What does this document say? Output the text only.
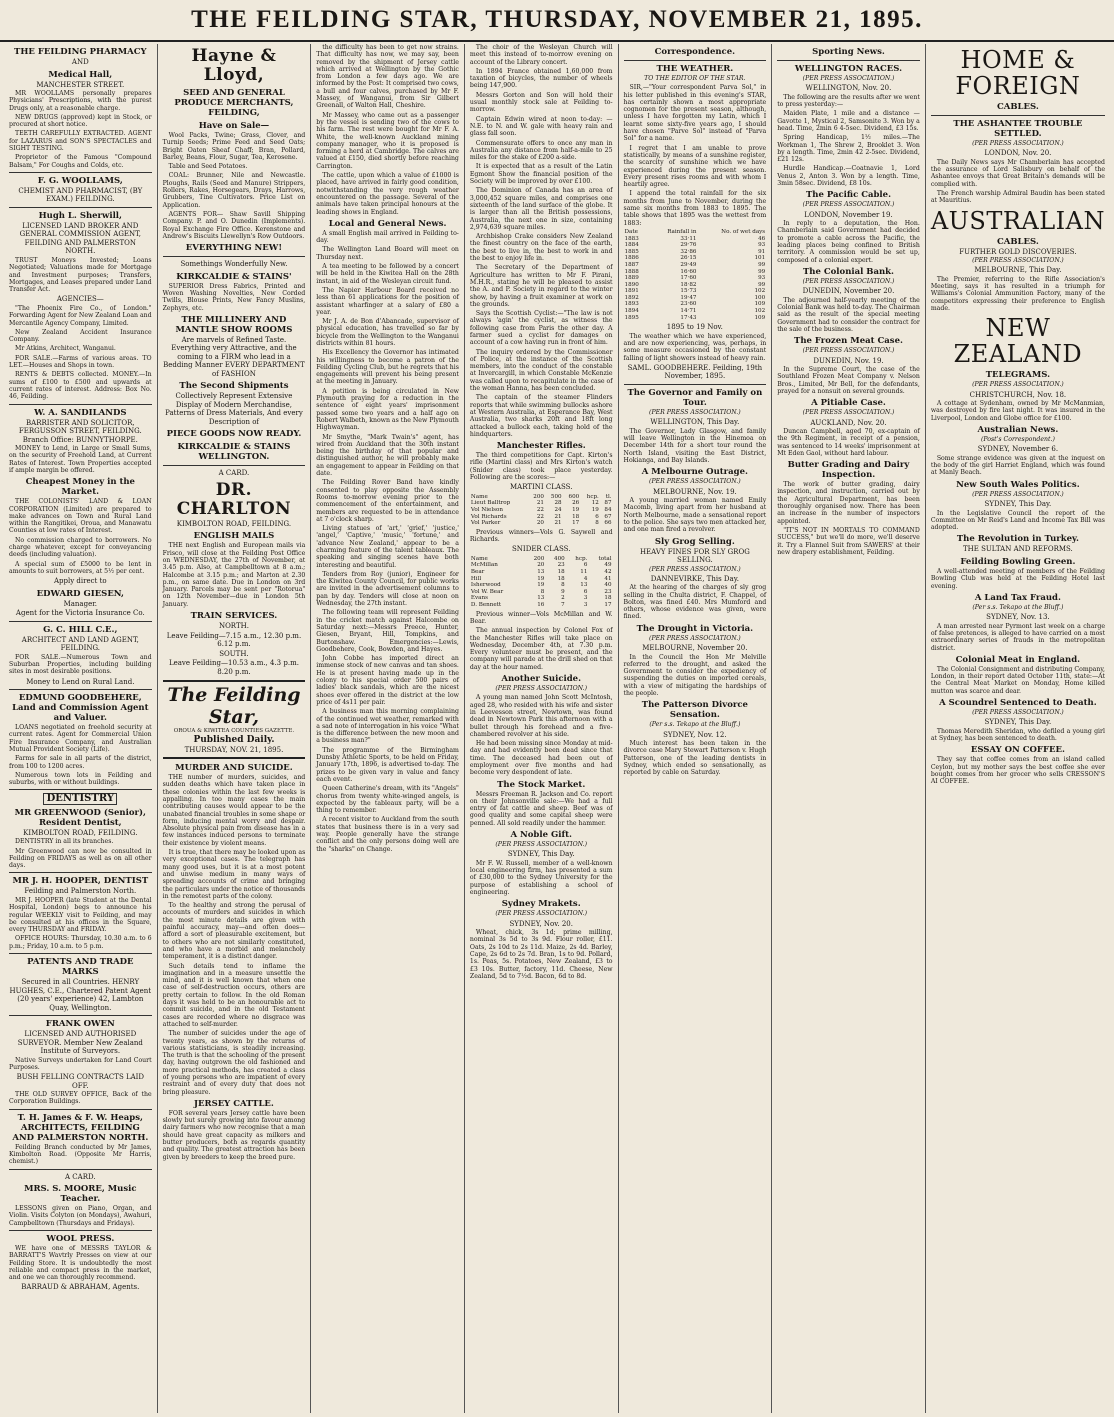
THE FEILDING STAR, THURSDAY, NOVEMBER 21, 1895.
THE FEILDING PHARMACY
AND
Medical Hall,
MANCHESTER STREET.

MR WOOLLAMS personally prepares Physicians' Prescriptions, with the purest Drugs only, at a reasonable charge.

NEW DRUGS (approved) kept in Stock, or procured at short notice.

TEETH CAREFULLY EXTRACTED. AGENT for LAZARUS and SON'S SPECTACLES and SIGHT TESTING.

Proprietor of the Famous "Compound Balsam," For Coughs and Colds, etc.

F. G. WOOLLAMS,
CHEMIST AND PHARMACIST, (BY EXAM.) FEILDING.
Hugh L. Sherwill,
LICENSED LAND BROKER AND GENERAL COMMISSION AGENT, FEILDING AND PALMERSTON NORTH.

TRUST Moneys Invested; Loans Negotiated; Valuations made for Mortgage and Investment purposes; Transfers, Mortgages, and Leases prepared under Land Transfer Act.

AGENCIES—

"The Phoenix Fire Co., of London." Forwarding Agent for New Zealand Loan and Mercantile Agency Company, Limited.

New Zealand Accident Insurance Company.

Mr Atkins, Architect, Wanganui.

FOR SALE.—Farms of various areas. TO LET.—Houses and Shops in town.

RENTS & DEBTS collected. MONEY.—In sums of £100 to £500 and upwards at current rates of interest. Address: Box No. 46, Feilding.

W. A. SANDILANDS
BARRISTER AND SOLICITOR, FERGUSSON STREET, FEILDING. Branch Office: BUNNYTHORPE.

MONEY to Lend, in Large or Small Sums, on the security of Freehold Land, at Current Rates of Interest. Town Properties accepted if ample margin be offered.

Cheapest Money in the Market.

THE COLONISTS' LAND & LOAN CORPORATION (Limited) are prepared to make advances on Town and Rural Land within the Rangitikei, Oroua, and Manawatu Counties at low rates of Interest.

No commission charged to borrowers. No charge whatever, except for conveyancing deeds (including valuation).

A special sum of £5000 to be lent in amounts to suit borrowers, at 5½ per cent.

Apply direct to
EDWARD GIESEN,
Manager.
Agent for the Victoria Insurance Co.
G. C. HILL C.E.,
ARCHITECT AND LAND AGENT, FEILDING.

FOR SALE.—Numerous Town and Suburban Properties, including building sites in most desirable positions.

Money to Lend on Rural Land.
EDMUND GOODBEHERE, Land and Commission Agent and Valuer.

LOANS negotiated on freehold security at current rates. Agent for Commercial Union Fire Insurance Company, and Australian Mutual Provident Society (Life).

Farms for sale in all parts of the district, from 100 to 1200 acres.

Numerous town lots in Feilding and suburbs, with or without buildings.

DENTISTRY
MR GREENWOOD (Senior), Resident Dentist,
KIMBOLTON ROAD, FEILDING.

DENTISTRY in all its branches.

Mr Greenwood can now be consulted in Feilding on FRIDAYS as well as on all other days.

MR J. H. HOOPER, DENTIST
Feilding and Palmerston North.

MR J. HOOPER (late Student at the Dental Hospital, London) begs to announce his regular WEEKLY visit to Feilding, and may be consulted at his offices in the Square, every THURSDAY and FRIDAY.

OFFICE HOURS: Thursday, 10.30 a.m. to 6 p.m.; Friday, 10 a.m. to 5 p.m.

PATENTS AND TRADE MARKS
Secured in all Countries. HENRY HUGHES, C.E., Chartered Patent Agent (20 years' experience) 42, Lambton Quay, Wellington.
FRANK OWEN
LICENSED AND AUTHORISED SURVEYOR. Member New Zealand Institute of Surveyors.

Native Surveys undertaken for Land Court Purposes.

BUSH FELLING CONTRACTS LAID OFF.

THE OLD SURVEY OFFICE, Back of the Corporation Buildings.

T. H. James & F. W. Heaps, ARCHITECTS, FEILDING AND PALMERSTON NORTH.

Feilding Branch conducted by Mr James, Kimbolton Road. (Opposite Mr Harris, chemist.)

A CARD.
MRS. S. MOORE, Music Teacher.

LESSONS given on Piano, Organ, and Violin. Visits Colyton (on Mondays), Awahuri, Campbelltown (Thursdays and Fridays).

WOOL PRESS.

WE have one of MESSRS TAYLOR & BARRATT'S Wavtrly Presses on view at our Feilding Store. It is undoubtedly the most reliable and compact press in the market, and one we can thoroughly recommend.

BARRAUD & ABRAHAM, Agents.
Hayne & Lloyd,
SEED AND GENERAL PRODUCE MERCHANTS, FEILDING,
Have on Sale—

Wool Packs, Twine; Grass, Clover, and Turnip Seeds; Prime Feed and Seed Oats; Bright Oaten Sheaf Chaff; Bran, Pollard, Barley, Beans, Flour, Sugar, Tea, Kerosene.

Table and Seed Potatoes.

COAL: Brunner, Nile and Newcastle. Ploughs, Rails (Seed and Manure) Strippers, Rollers, Rakes, Horsegears, Drays, Harrows, Grubbers, Tine Cultivators. Price List on Application.

AGENTS FOR— Shaw Savill Shipping Company. P. and O. Dunedin (Implements). Royal Exchange Fire Office. Kerenstone and Andrew's Biscuits Llewellyn's Row Outdoors.

EVERYTHING NEW!
Somethings Wonderfully New.
KIRKCALDIE & STAINS'

SUPERIOR Dress Fabrics, Printed and Woven Washing Novelties, New Corded Twills, Blouse Prints, New Fancy Muslins, Zephyrs, etc.

THE MILLINERY AND MANTLE SHOW ROOMS
Are marvels of Refined Taste. Everything very Attractive, and the coming to a FIRM who lead in a Bedding Manner EVERY DEPARTMENT of FASHION
The Second Shipments
Collectively Represent Extensive Display of Modern Merchandise, Patterns of Dress Materials, And every Description of
PIECE GOODS NOW READY.
KIRKCALDIE & STAINS WELLINGTON.
A CARD.
DR. CHARLTON
KIMBOLTON ROAD, FEILDING.
ENGLISH MAILS

THE next English and European mails via Frisco, will close at the Feilding Post Office on WEDNESDAY, the 27th of November, at 3.45 p.m. Also, at Campbelltown at 8 a.m.; Halcombe at 3.15 p.m.; and Marton at 2.30 p.m., on same date. Due in London on 3rd January. Parcels may be sent per "Rotorua" on 12th November—due in London 5th January.

TRAIN SERVICES.
NORTH.
Leave Feilding—7.15 a.m., 12.30 p.m. 6.12 p.m.
SOUTH.
Leave Feilding—10.53 a.m., 4.3 p.m. 8.20 p.m.
The Feilding Star,
OROUA & KIWITEA COUNTIES GAZETTE.
Published Daily.
THURSDAY, NOV. 21, 1895.
MURDER AND SUICIDE.

THE number of murders, suicides, and sudden deaths which have taken place in these colonies within the last few weeks is appalling. In too many cases the main contributing causes would appear to be the unabated financial troubles in some shape or form, inducing mental worry and despair. Absolute physical pain from disease has in a few instances induced persons to terminate their existence by violent means.

It is true, that there may be looked upon as very exceptional cases. The telegraph has many good uses, but it is at a most potent and unwise medium in many ways of spreading accounts of crime and bringing the particulars under the notice of thousands in the remotest parts of the colony.

To the healthy and strong the perusal of accounts of murders and suicides in which the most minute details are given with painful accuracy, may—and often does—afford a sort of pleasurable excitement, but to others who are not similarly constituted, and who have a morbid and melancholy temperament, it is a distinct danger.

Such details tend to inflame the imagination and in a measure unsettle the mind, and it is well known that when one case of self-destruction occurs, others are pretty certain to follow. In the old Roman days it was held to be an honourable act to commit suicide, and in the old Testament cases are recorded where no disgrace was attached to self-murder.

The number of suicides under the age of twenty years, as shown by the returns of various statisticians, is steadily increasing. The truth is that the schooling of the present day, having outgrown the old fashioned and more practical methods, has created a class of young persons who are impatient of every restraint and of every duty that does not bring pleasure.

JERSEY CATTLE.

FOR several years Jersey cattle have been slowly but surely growing into favour among dairy farmers who now recognise that a man should have great capacity as milkers and butter producers, both as regards quantity and quality. The greatest attraction has been given by breeders to keep the breed pure.

the difficulty has been to get now strains. That difficulty has now, we may say, been removed by the shipment of Jersey cattle which arrived at Wellington by the Gothic from London a few days ago. We are informed by the Post: It comprised two cows, a bull and four calves, purchased by Mr F. Massey, of Wanganui, from Sir Gilbert Greenall, of Walton Hall, Cheshire.

Mr Massey, who came out as a passenger by the vessel is sending two of the cows to his farm. The rest were bought for Mr F. A. White, the well-known Auckland mining company manager, who it is proposed is forming a herd at Cambridge. The calves are valued at £150, died shortly before reaching Carrington.

The cattle, upon which a value of £1000 is placed, have arrived in fairly good condition, notwithstanding the very rough weather encountered on the passage. Several of the animals have taken principal honours at the leading shows in England.

Local and General News.

A small English mail arrived in Feilding to-day.

The Wellington Land Board will meet on Thursday next.

A tea meeting to be followed by a concert will be held in the Kiwitea Hall on the 28th instant, in aid of the Wesleyan circuit fund.

The Napier Harbour Board received no less than 61 applications for the position of assistant wharfinger at a salary of £80 a year.

Mr J. A. de Bon d'Abancade, supervisor of physical education, has travelled so far by bicycle from the Wellington to the Wanganui districts within 81 hours.

His Excellency the Governor has intimated his willingness to become a patron of the Feilding Cycling Club, but he regrets that his engagements will prevent his being present at the meeting in January.

A petition is being circulated in New Plymouth praying for a reduction in the sentence of eight years' imprisonment passed some two years and a half ago on Robert Walbeth, known as the New Plymouth Highwayman.

Mr Smythe, "Mark Twain's" agent, has wired from Auckland that the 30th instant being the birthday of that popular and distinguished author, he will probably make an engagement to appear in Feilding on that date.

The Feilding Rover Band have kindly consented to play opposite the Assembly Rooms to-morrow evening prior to the commencement of the entertainment, and members are requested to be in attendance at 7 o'clock sharp.

Living statues of 'art,' 'grief,' 'justice,' 'angel,' 'Captive,' 'music,' 'fortune,' and 'advance New Zealand,' appear to be a charming feature of the talent tableaux. The speaking and singing scenes have both interesting and beautiful.

Tenders from Roy (junior), Engineer for the Kiwitea County Council, for public works are invited in the advertisement columns to pan by day. Tenders will close at noon on Wednesday, the 27th instant.

The following team will represent Feilding in the cricket match against Halcombe on Saturday next:—Messrs Preece, Hunter, Giesen, Bryant, Hill, Tompkins, and Burtonshaw. Emergencies:—Lewis, Goodbehere, Cook, Bowden, and Hayes.

John Cobbe has imported direct an immense stock of new canvas and tan shoes. He is at present having made up in the colony to his special order 500 pairs of ladies' black sandals, which are the nicest shoes ever offered in the district at the low price of 4s11 per pair.

A business man this morning complaining of the continued wet weather, remarked with a sad note of interrogation in his voice "What is the difference between the new moon and a business man?"

The programme of the Birmingham Dunsby Athletic Sports, to be held on Friday, January 17th, 1896, is advertised to-day. The prizes to be given vary in value and fancy each event.

Queen Catherine's dream, with its "Angels" chorus from twenty white-winged angels, is expected by the tableaux party, will be a thing to remember.

A recent visitor to Auckland from the south states that business there is in a very sad way. People generally have the strange conflict and the only persons doing well are the "sharks" on Change.

The choir of the Wesleyan Church will meet this instead of to-morrow evening on account of the Library concert.

In 1894 France obtained 1,60,000 from taxation of bicycles, the number of wheels being 147,900.

Messrs Gorton and Son will hold their usual monthly stock sale at Feilding to-morrow.

Captain Edwin wired at noon to-day: —N.E. to N. and W. gale with heavy rain and glass fall soon.

Commensurate offers to once any man in Australia any distance from half-a-mile to 25 miles for the stake of £200 a-side.

It is expected that as a result of the Latin Egmont Show the financial position of the Society will be improved by over £100.

The Dominion of Canada has an area of 3,000,452 square miles, and comprises one sixteenth of the land surface of the globe. It is larger than all the British possessions, Australia, the next one in size, containing 2,974,639 square miles.

Archbishop Crake considers New Zealand the finest country on the face of the earth, the best to live in, the best to work in and the best to enjoy life in.

The Secretary of the Department of Agriculture has written to Mr F. Pirani, M.H.R., stating he will be pleased to assist the A. and P. Society in regard to the winter show, by having a fruit examiner at work on the grounds.

Says the Scottish Cyclist:—"The law is not always 'agin' the cyclist, as witness the following case from Paris the other day. A farmer sued a cyclist for damages on account of a cow having run in front of him.

The inquiry ordered by the Commissioner of Police, at the instance of the Scottish members, into the conduct of the constable at Invercargill, in which Constable McKenzie was called upon to recapitulate in the case of the woman Hanna, has been concluded.

The captain of the steamer Flinders reports that while swimming bullocks ashore at Western Australia, at Esperance Bay, West Australia, two sharks 20ft and 18ft long attacked a bullock each, taking hold of the hindquarters.

Manchester Rifles.

The third competitions for Capt. Kirton's rifle (Martini class) and Mrs Kirton's watch (Snider class) took place yesterday. Following are the scores:—

MARTINI CLASS.
Name	200	500	600	hcp.	tl.
Lieut Balltrop	21	28	26	12	87
Vol Nielson	22	24	19	19	84
Vol Richards	22	21	18	6	67
Vol Parker	20	21	17	8	66

Previous winners—Vols G. Saywell and Richards.

SNIDER CLASS.
Name	200	400	hcp.	total
McMillan	20	23	6	49
Bear	13	18	11	42
Hill	19	18	4	41
Isherwood	19	8	13	40
Vol W. Bear	8	9	6	23
Evans	13	2	3	18
D. Bennett	16	7	3	17

Previous winner—Vols McMillan and W. Bear.

The annual inspection by Colonel Fox of the Manchester Rifles will take place on Wednesday, December 4th, at 7.30 p.m. Every volunteer must be present, and the company will parade at the drill shed on that day at the hour named.

Another Suicide.
(PER PRESS ASSOCIATION.)

A young man named John Scott McIntosh, aged 28, who resided with his wife and sister in Leevesson street, Newtown, was found dead in Newtown Park this afternoon with a bullet through his forehead and a five-chambered revolver at his side.

He had been missing since Monday at mid-day and had evidently been dead since that time. The deceased had been out of employment over five months and had become very despondent of late.

The Stock Market.

Messrs Freeman R. Jackson and Co. report on their Johnsonville sale:—We had a full entry of fat cattle and sheep. Beef was of good quality and some capital sheep were penned. All sold readily under the hammer.

A Noble Gift.
(PER PRESS ASSOCIATION.)
SYDNEY, This Day.

Mr F. W. Russell, member of a well-known local engineering firm, has presented a sum of £30,000 to the Sydney University for the purpose of establishing a school of engineering.

Sydney Mrakets.
(PER PRESS ASSOCIATION.)
SYDNEY, Nov. 20.

Wheat, chick, 3s 1d; prime milling, nominal 3s 5d to 3s 9d. Flour roller, £11. Oats, 2s 10d to 2s 11d. Maize, 2s 4d. Barley, Cape, 2s 6d to 2s 7d. Bran, 1s to 9d. Pollard, 1s. Peas, 5s. Potatoes, New Zealand, £3 to £3 10s. Butter, factory, 11d. Cheese, New Zealand, 5d to 7½d. Bacon, 6d to 8d.

Correspondence.
THE WEATHER.
TO THE EDITOR OF THE STAR.

SIR,—"Your correspondent Parva Sol," in his letter published in this evening's STAR, has certainly shown a most appropriate cognomen for the present season, although, unless I have forgotten my Latin, which I learnt some sixty-five years ago, I should have chosen "Parve Sol" instead of "Parva Sol" for a name.

I regret that I am unable to prove statistically, by means of a sunshine register, the scarcity of sunshine which we have experienced during the present season. Every present rises rooms and with whom I heartily agree.

I append the total rainfall for the six months from June to November, during the same six months from 1883 to 1895. The table shows that 1895 was the wettest from 1883:

Date		Rainfall in	No. of wet days
1883		33·11	46
1884		29·76	93
1885		32·86	91
1886		26·15	101
1887		29·49	99
1888		16·60	99
1889		17·60	93
1890		18·82	99
1891		15·73	102
1892		19·47	100
1893		23·60	109
1894		14·71	102
1895		17·43	109
1895 to 19 Nov.

The weather which we have experienced, and are now experiencing, was, perhaps, in some measure occasioned by the constant falling of light showers instead of heavy rain.

SAML. GOODBEHERE. Feilding, 19th November, 1895.
The Governor and Family on Tour.
(PER PRESS ASSOCIATION.)
WELLINGTON, This Day.

The Governor, Lady Glasgow, and family will leave Wellington in the Hinemoa on December 14th for a short tour round the North Island, visiting the East District, Hokianga, and Bay Islands.

A Melbourne Outrage.
(PER PRESS ASSOCIATION.)
MELBOURNE, Nov. 19.

A young married woman named Emily Macomb, living apart from her husband at North Melbourne, made a sensational report to the police. She says two men attacked her, and one man fired a revolver.

Sly Grog Selling.
HEAVY FINES FOR SLY GROG SELLING.
(PER PRESS ASSOCIATION.)
DANNEVIRKE, This Day.

At the hearing of the charges of sly grog selling in the Chulta district, F. Chappel, of Bolton, was fined £40. Mrs Mumford and others, whose evidence was given, were fined.

The Drought in Victoria.
(PER PRESS ASSOCIATION.)
MELBOURNE, November 20.

In the Council the Hon Mr Melville referred to the drought, and asked the Government to consider the expediency of suspending the duties on imported cereals, with a view of mitigating the hardships of the people.

The Patterson Divorce Sensation.
(Per s.s. Tekapo at the Bluff.)
SYDNEY, Nov. 12.

Much interest has been taken in the divorce case Mary Stewart Patterson v. Hugh Patterson, one of the leading dentists in Sydney, which ended so sensationally, as reported by cable on Saturday.

Sporting News.
WELLINGTON RACES.
(PER PRESS ASSOCIATION.)
WELLINGTON, Nov. 20.

The following are the results after we went to press yesterday:—

Maiden Plate, 1 mile and a distance — Gavotte 1, Mystical 2, Samsonite 3. Won by a head. Time, 2min 6 4-5sec. Dividend, £3 15s.

Spring Handicap, 1½ miles.—The Workman 1, The Shrew 2, Brooklet 3. Won by a length. Time, 2min 42 2-5sec. Dividend, £21 12s.

Hurdle Handicap.—Coatnavie 1, Lord Venus 2, Anton 3. Won by a length. Time, 3min 58sec. Dividend, £8 10s.

The Pacific Cable.
(PER PRESS ASSOCIATION.)
LONDON, November 19.

In reply to a deputation, the Hon. Chamberlain said Government had decided to promote a cable across the Pacific, the leading places being confined to British territory. A commission would be set up, composed of a colonial expert.

The Colonial Bank.
(PER PRESS ASSOCIATION.)
DUNEDIN, November 20.

The adjourned half-yearly meeting of the Colonial Bank was held to-day. The Chairman said as the result of the special meeting Government had to consider the contract for the sale of the business.

The Frozen Meat Case.
(PER PRESS ASSOCIATION.)
DUNEDIN, Nov. 19.

In the Supreme Court, the case of the Southland Frozen Meat Company v. Nelson Bros., Limited, Mr Bell, for the defendants, prayed for a nonsuit on several grounds.

A Pitiable Case.
(PER PRESS ASSOCIATION.)
AUCKLAND, Nov. 20.

Duncan Campbell, aged 70, ex-captain of the 9th Regiment, in receipt of a pension, was sentenced to 14 weeks' imprisonment at Mt Eden Gaol, without hard labour.

Butter Grading and Dairy Inspection.

The work of butter grading, dairy inspection, and instruction, carried out by the Agricultural Department, has been thoroughly organised now. There has been an increase in the number of inspectors appointed.

"IT'S NOT IN MORTALS TO COMMAND SUCCESS," but we'll do more, we'll deserve it. Try a Flannel Suit from SAWERS' at their new drapery establishment, Feilding.

HOME & FOREIGN
CABLES.
THE ASHANTEE TROUBLE SETTLED.
(PER PRESS ASSOCIATION.)
LONDON, Nov. 20.

The Daily News says Mr Chamberlain has accepted the assurance of Lord Salisbury on behalf of the Ashantee envoys that Great Britain's demands will be complied with.

The French warship Admiral Baudin has been stated at Mauritius.

AUSTRALIAN
CABLES.
FURTHER GOLD DISCOVERIES.
(PER PRESS ASSOCIATION.)
MELBOURNE, This Day.

The Premier, referring to the Rifle Association's Meeting, says it has resulted in a triumph for Williams's Colonial Ammunition Factory, many of the competitors expressing their preference to English made.

NEW ZEALAND
TELEGRAMS.
(PER PRESS ASSOCIATION.)
CHRISTCHURCH, Nov. 18.

A cottage at Sydenham, owned by Mr McManmian, was destroyed by fire last night. It was insured in the Liverpool, London and Globe office for £100.

Australian News.
(Post's Correspondent.)
SYDNEY, November 6.

Some strange evidence was given at the inquest on the body of the girl Harriet England, which was found at Manly Beach.

New South Wales Politics.
(PER PRESS ASSOCIATION.)
SYDNEY, This Day.

In the Legislative Council the report of the Committee on Mr Reid's Land and Income Tax Bill was adopted.

The Revolution in Turkey.
THE SULTAN AND REFORMS.
Feilding Bowling Green.

A well-attended meeting of members of the Feilding Bowling Club was held at the Feilding Hotel last evening.

A Land Tax Fraud.
(Per s.s. Tekapo at the Bluff.)
SYDNEY, Nov. 13.

A man arrested near Pyrmont last week on a charge of false pretences, is alleged to have carried on a most extraordinary series of frauds in the metropolitan district.

Colonial Meat in England.

The Colonial Consignment and distributing Company, London, in their report dated October 11th, state:—At the Central Meat Market on Monday, Home killed mutton was scarce and dear.

A Scoundrel Sentenced to Death.
(PER PRESS ASSOCIATION.)
SYDNEY, This Day.

Thomas Meredith Sheridan, who defiled a young girl at Sydney, has been sentenced to death.

ESSAY ON COFFEE.

They say that coffee comes from an island called Ceylon, but my mother says the best coffee she ever bought comes from her grocer who sells CRESSON'S AI COFFEE.
